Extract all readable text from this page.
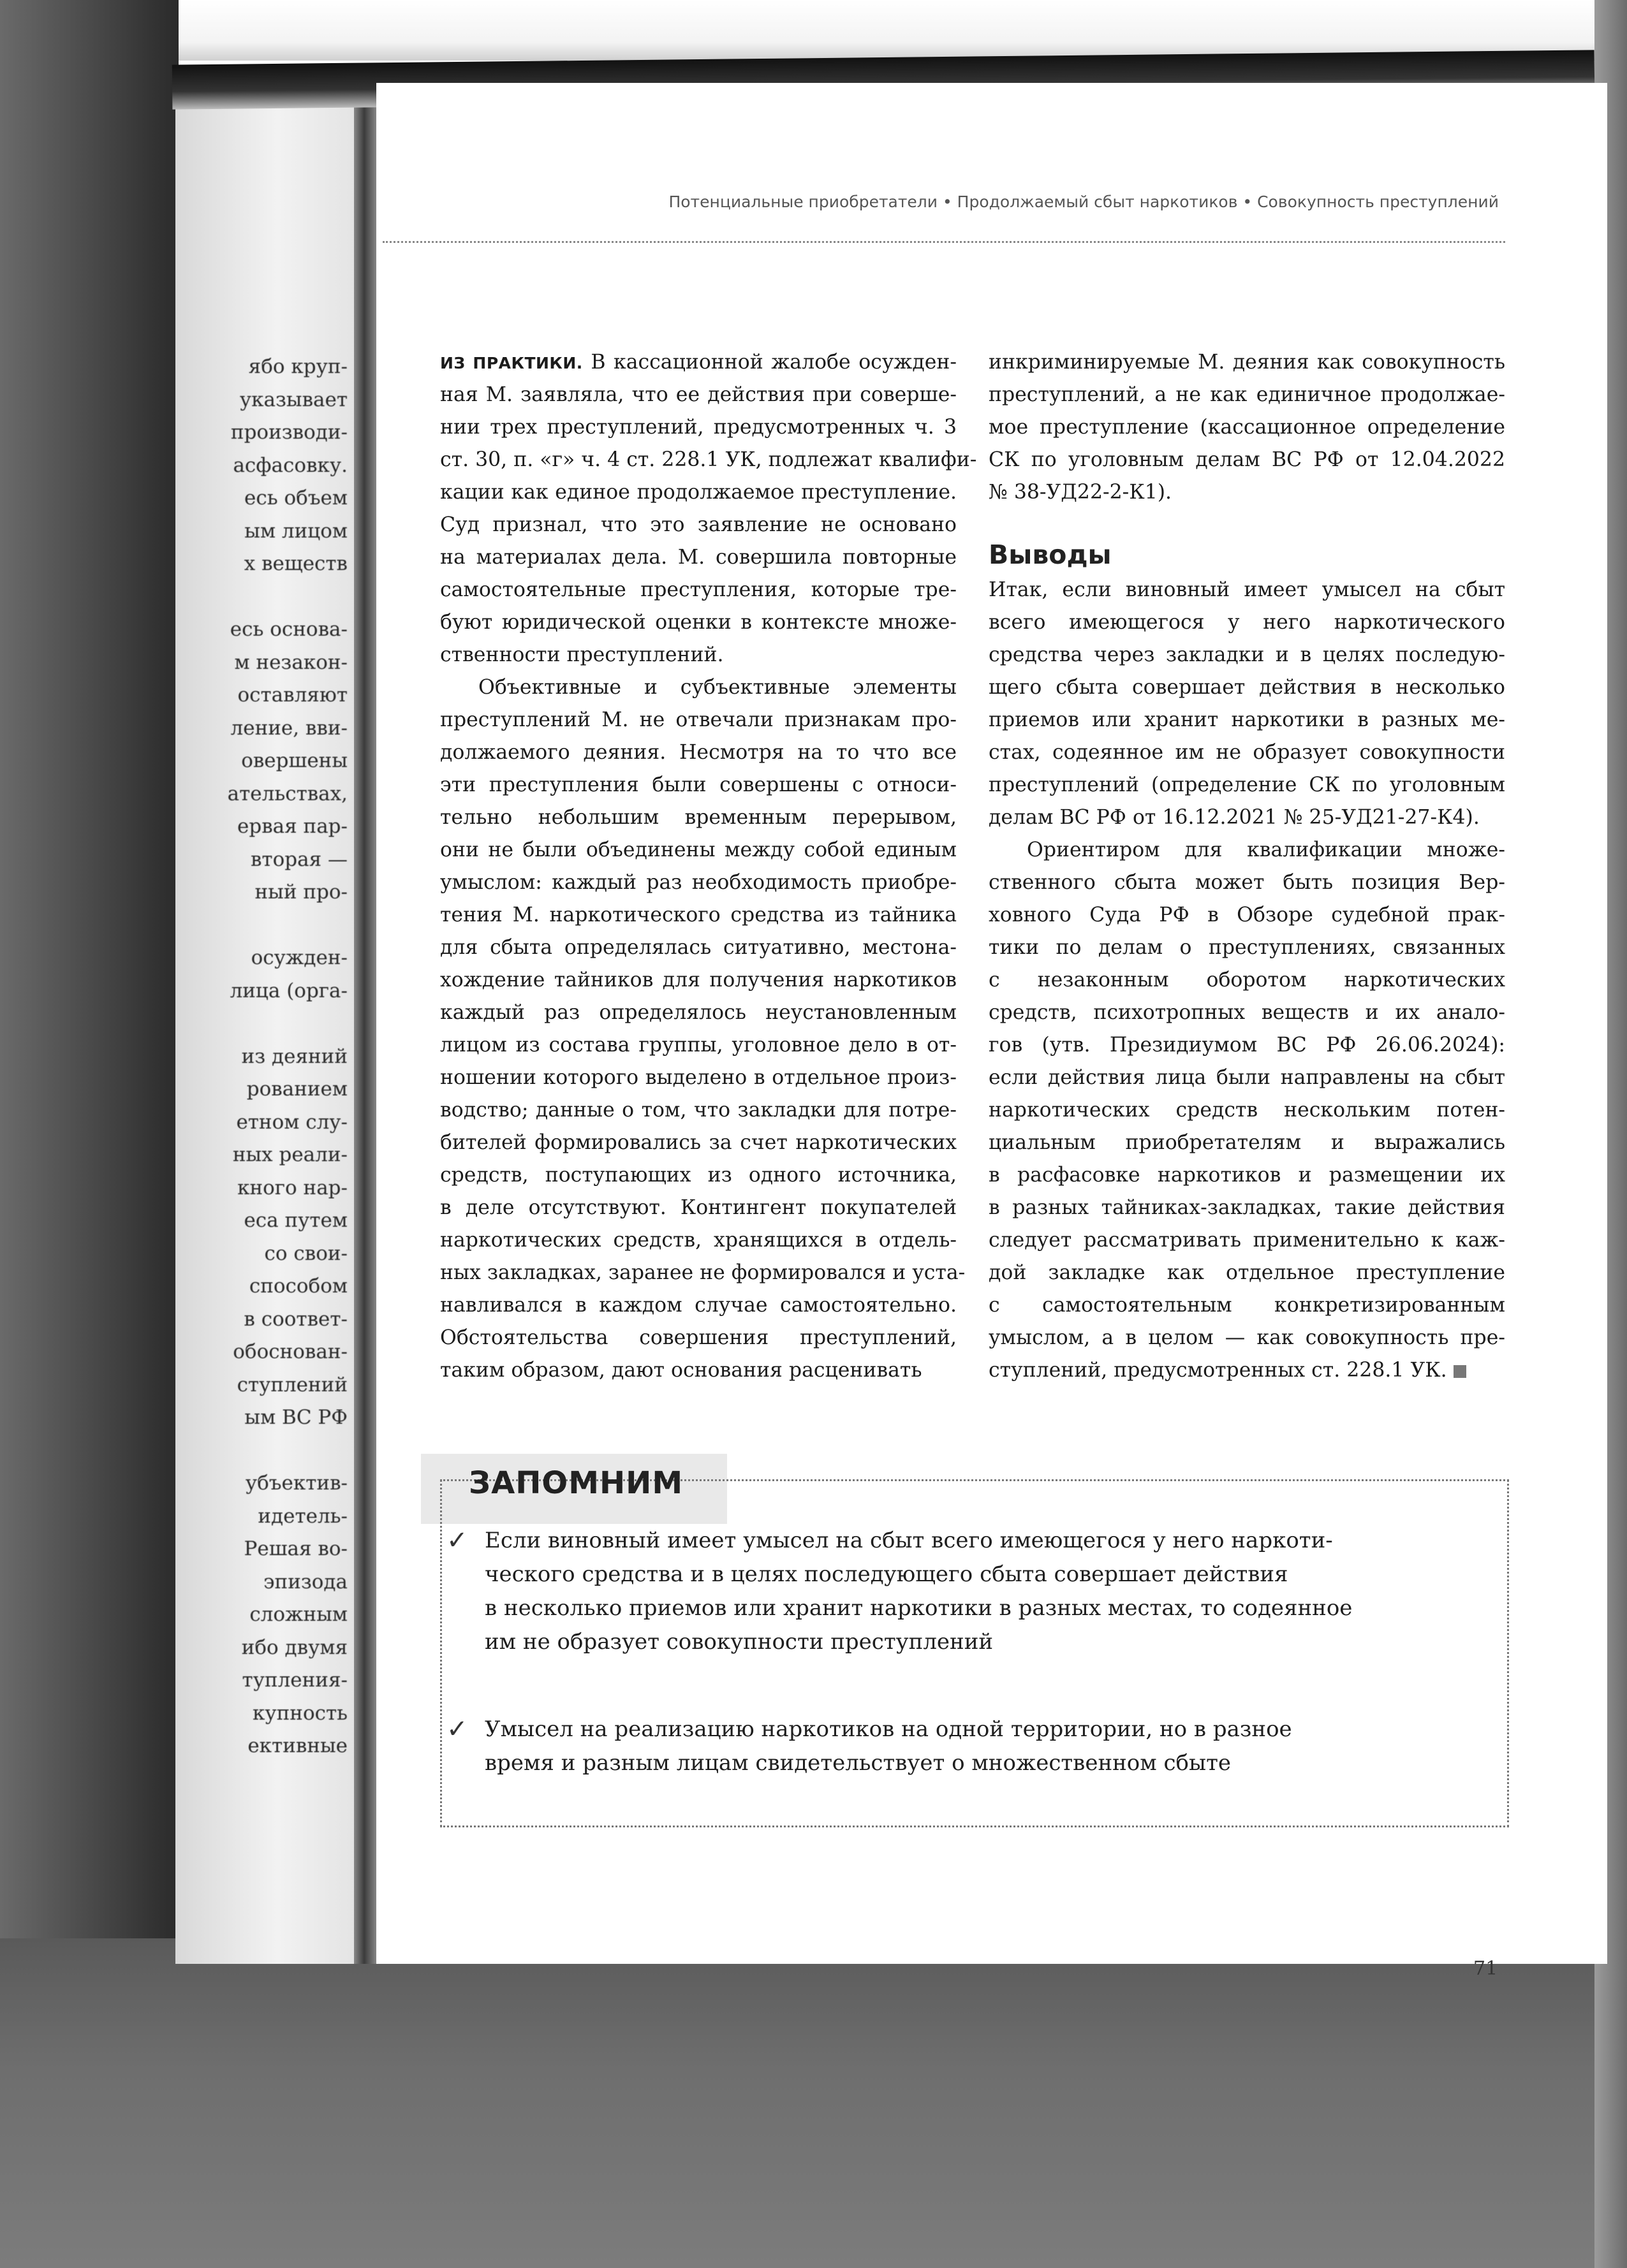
ябо круп-
указывает
производи-
асфасовку.
есь объем
ым лицом
х веществ
есь основа-
м незакон-
оставляют
ление, вви-
овершены
ательствах,
ервая пар-
вторая —
ный про-
осужден-
лица (орга-
из деяний
рованием
етном слу-
ных реали-
кного нар-
еса путем
со свои-
способом
в соответ-
обоснован-
ступлений
ым ВС РФ
убъектив-
идетель-
Решая во-
эпизода
сложным
ибо двумя
тупления-
купность
ективные
Потенциальные приобретатели • Продолжаемый сбыт наркотиков • Совокупность преступлений
ИЗ ПРАКТИКИ. В кассационной жалобе осужден-
ная М. заявляла, что ее действия при соверше-
нии трех преступлений, предусмотренных ч. 3
ст. 30, п. «г» ч. 4 ст. 228.1 УК, подлежат квалифи-
кации как единое продолжаемое преступление.
Суд признал, что это заявление не основано
на материалах дела. М. совершила повторные
самостоятельные преступления, которые тре-
буют юридической оценки в контексте множе-
ственности преступлений.
Объективные и субъективные элементы
преступлений М. не отвечали признакам про-
должаемого деяния. Несмотря на то что все
эти преступления были совершены с относи-
тельно небольшим временным перерывом,
они не были объединены между собой единым
умыслом: каждый раз необходимость приобре-
тения М. наркотического средства из тайника
для сбыта определялась ситуативно, местона-
хождение тайников для получения наркотиков
каждый раз определялось неустановленным
лицом из состава группы, уголовное дело в от-
ношении которого выделено в отдельное произ-
водство; данные о том, что закладки для потре-
бителей формировались за счет наркотических
средств, поступающих из одного источника,
в деле отсутствуют. Контингент покупателей
наркотических средств, хранящихся в отдель-
ных закладках, заранее не формировался и уста-
навливался в каждом случае самостоятельно.
Обстоятельства совершения преступлений,
таким образом, дают основания расценивать
инкриминируемые М. деяния как совокупность
преступлений, а не как единичное продолжае-
мое преступление (кассационное определение
СК по уголовным делам ВС РФ от 12.04.2022
№ 38-УД22-2-К1).
Выводы
Итак, если виновный имеет умысел на сбыт
всего имеющегося у него наркотического
средства через закладки и в целях последую-
щего сбыта совершает действия в несколько
приемов или хранит наркотики в разных ме-
стах, содеянное им не образует совокупности
преступлений (определение СК по уголовным
делам ВС РФ от 16.12.2021 № 25-УД21-27-К4).
Ориентиром для квалификации множе-
ственного сбыта может быть позиция Вер-
ховного Суда РФ в Обзоре судебной прак-
тики по делам о преступлениях, связанных
с незаконным оборотом наркотических
средств, психотропных веществ и их анало-
гов (утв. Президиумом ВС РФ 26.06.2024):
если действия лица были направлены на сбыт
наркотических средств нескольким потен-
циальным приобретателям и выражались
в расфасовке наркотиков и размещении их
в разных тайниках-закладках, такие действия
следует рассматривать применительно к каж-
дой закладке как отдельное преступление
с самостоятельным конкретизированным
умыслом, а в целом — как совокупность пре-
ступлений, предусмотренных ст. 228.1 УК.
ЗАПОМНИМ
✓ Если виновный имеет умысел на сбыт всего имеющегося у него наркоти-
ческого средства и в целях последующего сбыта совершает действия
в несколько приемов или хранит наркотики в разных местах, то содеянное
им не образует совокупности преступлений
✓ Умысел на реализацию наркотиков на одной территории, но в разное
время и разным лицам свидетельствует о множественном сбыте
71
